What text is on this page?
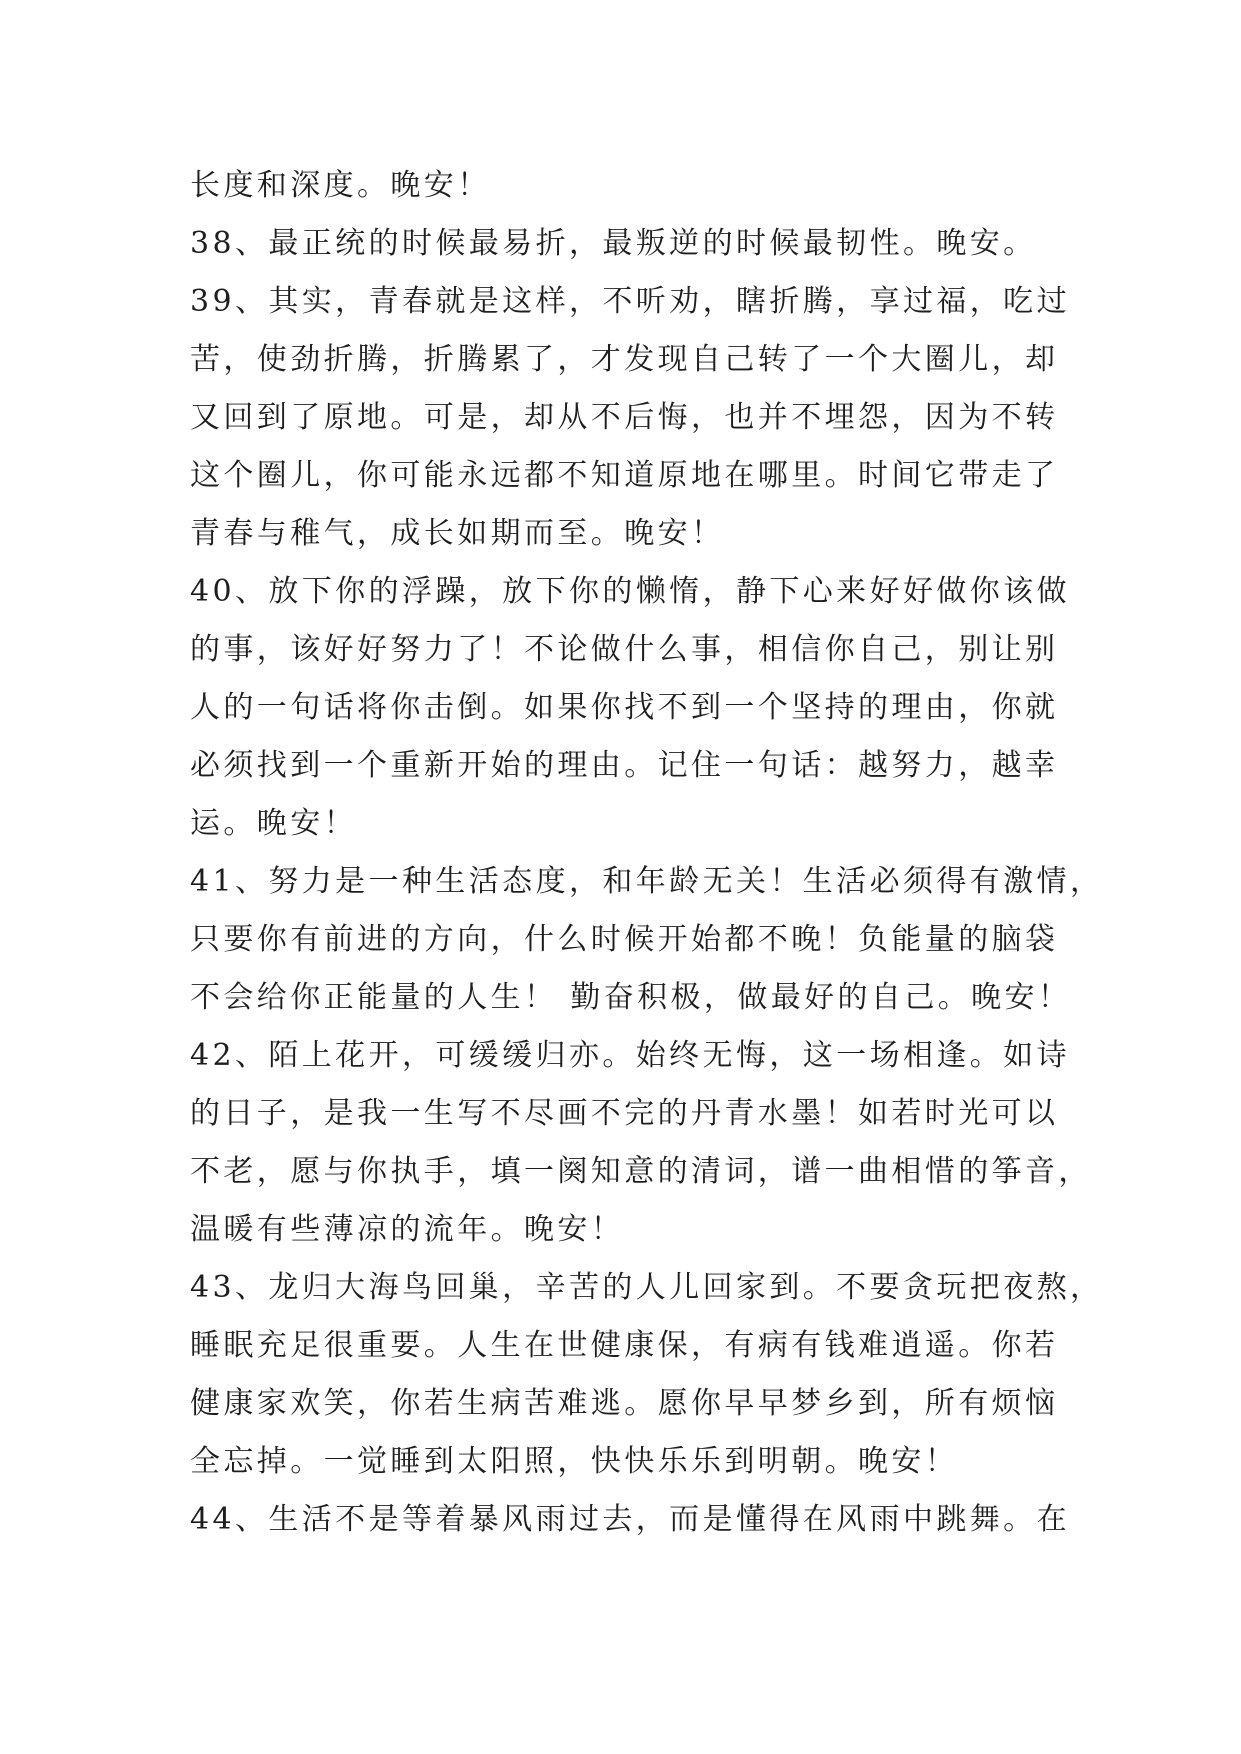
长度和深度。晚安！
38、最正统的时候最易折，最叛逆的时候最韧性。晚安。
39、其实，青春就是这样，不听劝，瞎折腾，享过福，吃过
苦，使劲折腾，折腾累了，才发现自己转了一个大圈儿，却
又回到了原地。可是，却从不后悔，也并不埋怨，因为不转
这个圈儿，你可能永远都不知道原地在哪里。时间它带走了
青春与稚气，成长如期而至。晚安！
40、放下你的浮躁，放下你的懒惰，静下心来好好做你该做
的事，该好好努力了！不论做什么事，相信你自己，别让别
人的一句话将你击倒。如果你找不到一个坚持的理由，你就
必须找到一个重新开始的理由。记住一句话：越努力，越幸
运。晚安！
41、努力是一种生活态度，和年龄无关！生活必须得有激情，
只要你有前进的方向，什么时候开始都不晚！负能量的脑袋
不会给你正能量的人生！ 勤奋积极，做最好的自己。晚安！
42、陌上花开，可缓缓归亦。始终无悔，这一场相逢。如诗
的日子，是我一生写不尽画不完的丹青水墨！如若时光可以
不老，愿与你执手，填一阕知意的清词，谱一曲相惜的筝音，
温暖有些薄凉的流年。晚安！
43、龙归大海鸟回巢，辛苦的人儿回家到。不要贪玩把夜熬，
睡眠充足很重要。人生在世健康保，有病有钱难逍遥。你若
健康家欢笑，你若生病苦难逃。愿你早早梦乡到，所有烦恼
全忘掉。一觉睡到太阳照，快快乐乐到明朝。晚安！
44、生活不是等着暴风雨过去，而是懂得在风雨中跳舞。在
